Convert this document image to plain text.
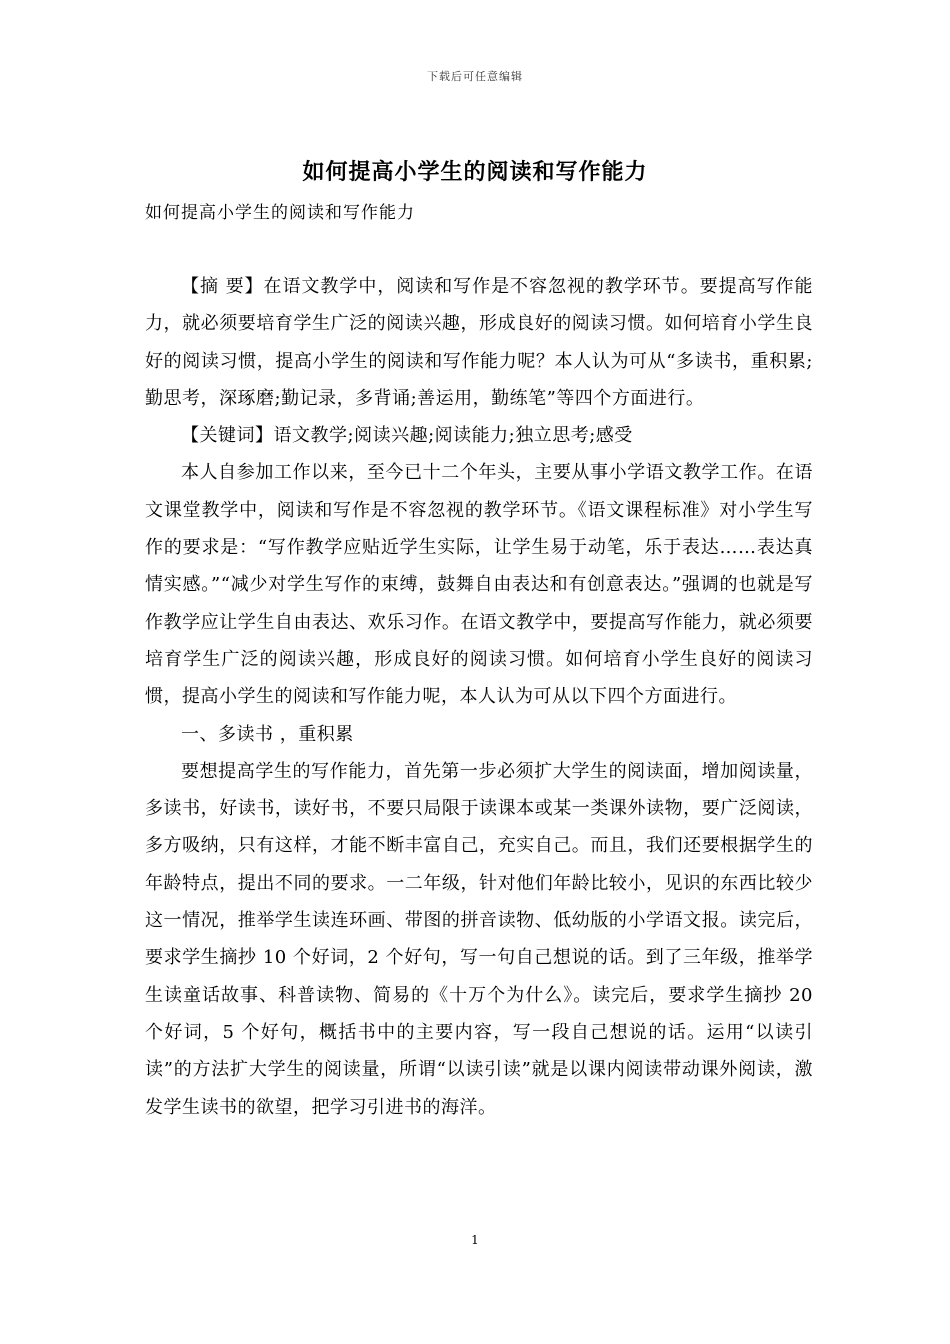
下载后可任意编辑
如何提高小学生的阅读和写作能力
如何提高小学生的阅读和写作能力

【摘 要】在语文教学中，阅读和写作是不容忽视的教学环节。要提高写作能力，就必须要培育学生广泛的阅读兴趣，形成良好的阅读习惯。如何培育小学生良好的阅读习惯，提高小学生的阅读和写作能力呢？本人认为可从“多读书，重积累;勤思考，深琢磨;勤记录，多背诵;善运用，勤练笔”等四个方面进行。

【关键词】语文教学;阅读兴趣;阅读能力;独立思考;感受

本人自参加工作以来，至今已十二个年头，主要从事小学语文教学工作。在语文课堂教学中，阅读和写作是不容忽视的教学环节。《语文课程标准》对小学生写作的要求是：“写作教学应贴近学生实际，让学生易于动笔，乐于表达……表达真情实感。”“减少对学生写作的束缚，鼓舞自由表达和有创意表达。”强调的也就是写作教学应让学生自由表达、欢乐习作。在语文教学中，要提高写作能力，就必须要培育学生广泛的阅读兴趣，形成良好的阅读习惯。如何培育小学生良好的阅读习惯，提高小学生的阅读和写作能力呢，本人认为可从以下四个方面进行。

一、多读书 ，重积累

要想提高学生的写作能力，首先第一步必须扩大学生的阅读面，增加阅读量，多读书，好读书，读好书，不要只局限于读课本或某一类课外读物，要广泛阅读，多方吸纳，只有这样，才能不断丰富自己，充实自己。而且，我们还要根据学生的年龄特点，提出不同的要求。一二年级，针对他们年龄比较小，见识的东西比较少这一情况，推举学生读连环画、带图的拼音读物、低幼版的小学语文报。读完后，要求学生摘抄 10 个好词，2 个好句，写一句自己想说的话。到了三年级，推举学生读童话故事、科普读物、简易的《十万个为什么》。读完后，要求学生摘抄 20 个好词，5 个好句，概括书中的主要内容，写一段自己想说的话。运用“以读引读”的方法扩大学生的阅读量，所谓“以读引读”就是以课内阅读带动课外阅读，激发学生读书的欲望，把学习引进书的海洋。

1
